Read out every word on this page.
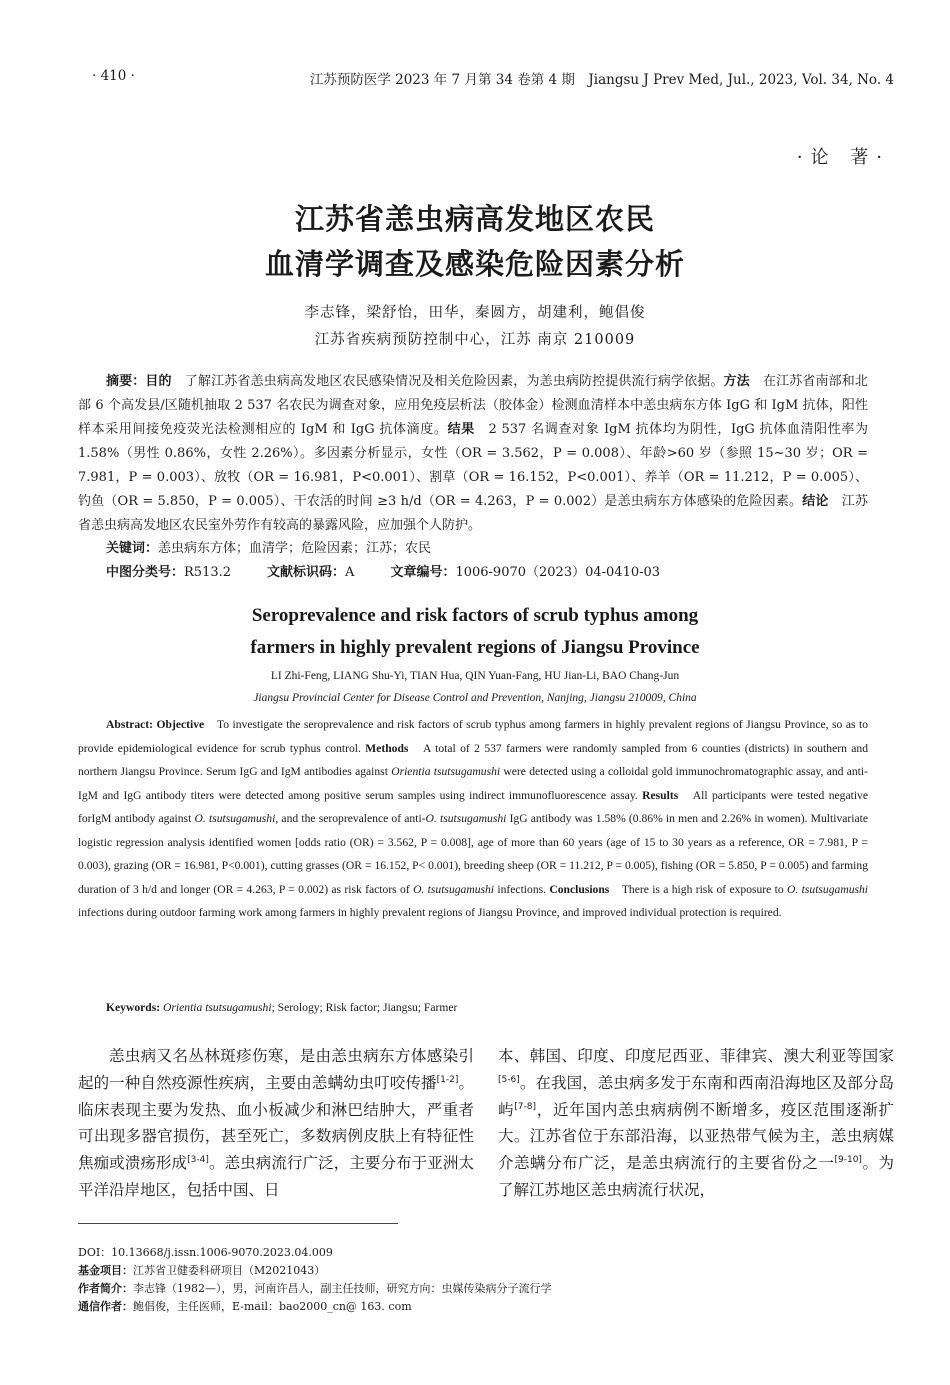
· 410 ·	江苏预防医学 2023 年 7 月第 34 卷第 4 期　Jiangsu J Prev Med, Jul., 2023, Vol. 34, No. 4
·论 著·
江苏省恙虫病高发地区农民
血清学调查及感染危险因素分析
李志锋，梁舒怡，田华，秦圆方，胡建利，鲍倡俊
江苏省疾病预防控制中心，江苏 南京 210009
摘要：目的　 了解江苏省恙虫病高发地区农民感染情况及相关危险因素，为恙虫病防控提供流行病学依据。方法　 在江苏省南部和北部 6 个高发县/区随机抽取 2 537 名农民为调查对象，应用免疫层析法（胶体金）检测血清样本中恙虫病东方体 IgG 和 IgM 抗体，阳性样本采用间接免疫荧光法检测相应的 IgM 和 IgG 抗体滴度。结果　 2 537 名调查对象 IgM 抗体均为阴性，IgG 抗体血清阳性率为 1.58%（男性 0.86%，女性 2.26%）。多因素分析显示，女性（OR = 3.562，P = 0.008）、年龄>60 岁（参照 15~30 岁；OR = 7.981，P = 0.003）、放牧（OR = 16.981，P<0.001）、割草（OR = 16.152，P<0.001）、养羊（OR = 11.212，P = 0.005）、钓鱼（OR = 5.850，P = 0.005）、干农活的时间 ≥3 h/d（OR = 4.263，P = 0.002）是恙虫病东方体感染的危险因素。结论　 江苏省恙虫病高发地区农民室外劳作有较高的暴露风险，应加强个人防护。
关键词：恙虫病东方体；血清学；危险因素；江苏；农民
中图分类号：R513.2	文献标识码：A	文章编号：1006-9070（2023）04-0410-03
Seroprevalence and risk factors of scrub typhus among
farmers in highly prevalent regions of Jiangsu Province
LI Zhi-Feng, LIANG Shu-Yi, TIAN Hua, QIN Yuan-Fang, HU Jian-Li, BAO Chang-Jun
Jiangsu Provincial Center for Disease Control and Prevention, Nanjing, Jiangsu 210009, China
Abstract: Objective　 To investigate the seroprevalence and risk factors of scrub typhus among farmers in highly prevalent regions of Jiangsu Province, so as to provide epidemiological evidence for scrub typhus control. Methods　 A total of 2 537 farmers were randomly sampled from 6 counties (districts) in southern and northern Jiangsu Province. Serum IgG and IgM antibodies against Orientia tsutsugamushi were detected using a colloidal gold immunochromatographic assay, and anti-IgM and IgG antibody titers were detected among positive serum samples using indirect immunofluorescence assay. Results　 All participants were tested negative forIgM antibody against O. tsutsugamushi, and the seroprevalence of anti-O. tsutsugamushi IgG antibody was 1.58% (0.86% in men and 2.26% in women). Multivariate logistic regression analysis identified women [odds ratio (OR) = 3.562, P = 0.008], age of more than 60 years (age of 15 to 30 years as a reference, OR = 7.981, P = 0.003), grazing (OR = 16.981, P<0.001), cutting grasses (OR = 16.152, P< 0.001), breeding sheep (OR = 11.212, P = 0.005), fishing (OR = 5.850, P = 0.005) and farming duration of 3 h/d and longer (OR = 4.263, P = 0.002) as risk factors of O. tsutsugamushi infections. Conclusions　 There is a high risk of exposure to O. tsutsugamushi infections during outdoor farming work among farmers in highly prevalent regions of Jiangsu Province, and improved individual protection is required.
Keywords: Orientia tsutsugamushi; Serology; Risk factor; Jiangsu; Farmer
恙虫病又名丛林斑疹伤寒，是由恙虫病东方体感染引起的一种自然疫源性疾病，主要由恙螨幼虫叮咬传播[1-2]。临床表现主要为发热、血小板减少和淋巴结肿大，严重者可出现多器官损伤，甚至死亡，多数病例皮肤上有特征性焦痂或溃疡形成[3-4]。恙虫病流行广泛，主要分布于亚洲太平洋沿岸地区，包括中国、日
本、韩国、印度、印度尼西亚、菲律宾、澳大利亚等国家[5-6]。在我国，恙虫病多发于东南和西南沿海地区及部分岛屿[7-8]，近年国内恙虫病病例不断增多，疫区范围逐渐扩大。江苏省位于东部沿海，以亚热带气候为主，恙虫病媒介恙螨分布广泛，是恙虫病流行的主要省份之一[9-10]。为了解江苏地区恙虫病流行状况，
DOI：10.13668/j.issn.1006-9070.2023.04.009
基金项目：江苏省卫健委科研项目（M2021043）
作者简介：李志锋（1982—），男，河南许昌人，副主任技师，研究方向：虫媒传染病分子流行学
通信作者：鲍倡俊，主任医师，E-mail：bao2000_cn@ 163. com
